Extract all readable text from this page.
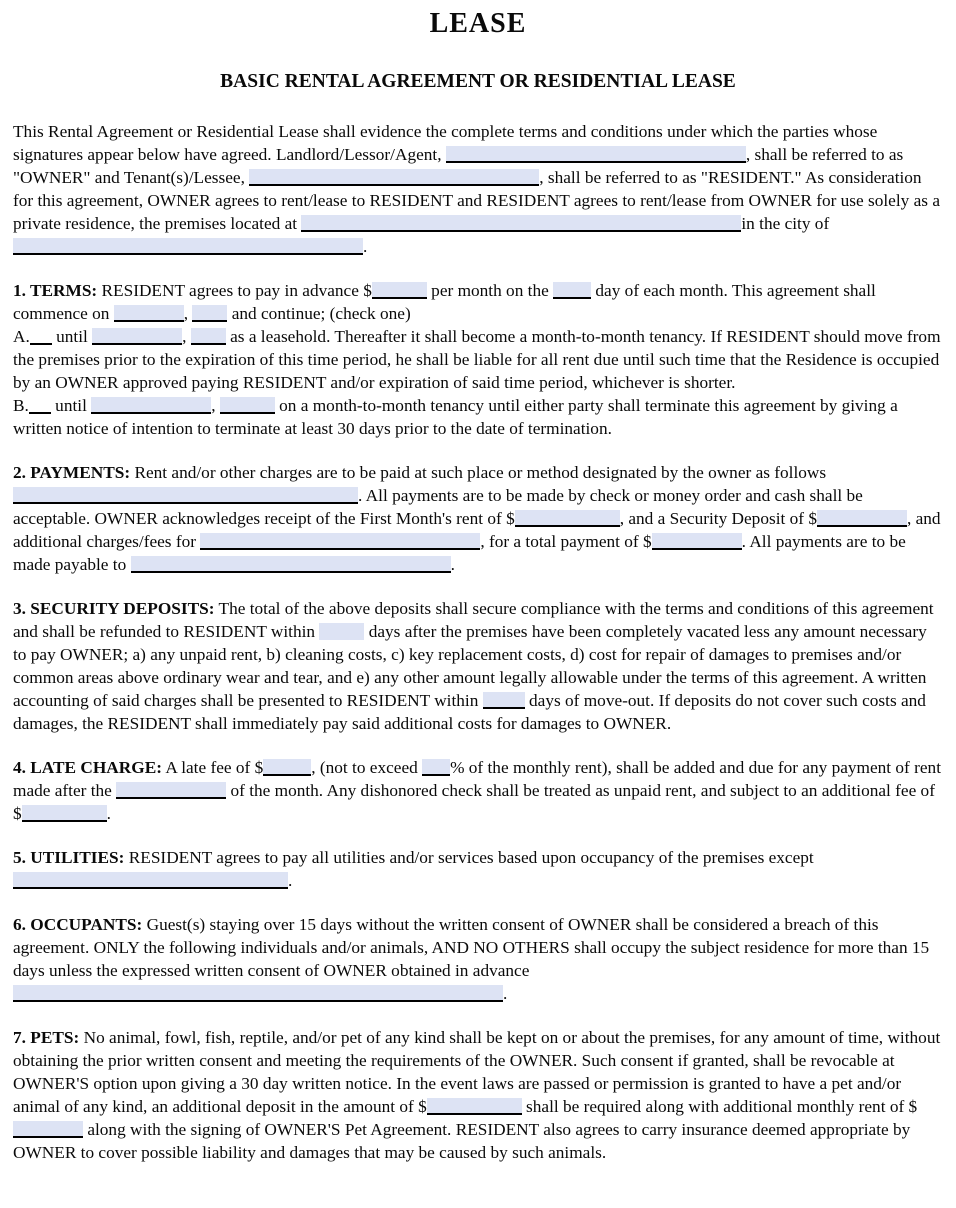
LEASE
BASIC RENTAL AGREEMENT OR RESIDENTIAL LEASE

This Rental Agreement or Residential Lease shall evidence the complete terms and conditions under which the parties whose signatures appear below have agreed. Landlord/Lessor/Agent,	, shall be referred to as "OWNER" and Tenant(s)/Lessee,	, shall be referred to as "RESIDENT." As consideration for this agreement, OWNER agrees to rent/lease to RESIDENT and RESIDENT agrees to rent/lease from OWNER for use solely as a private residence, the premises located at	in the city of .

1. TERMS: RESIDENT agrees to pay in advance $	per month on the  day of each month. This agreement shall commence on	,  and continue; (check one)
A. until	,  as a leasehold. Thereafter it shall become a month-to-month tenancy. If RESIDENT should move from the premises prior to the expiration of this time period, he shall be liable for all rent due until such time that the Residence is occupied by an OWNER approved paying RESIDENT and/or expiration of said time period, whichever is shorter.
B. until	,	on a month-to-month tenancy until either party shall terminate this agreement by giving a written notice of intention to terminate at least 30 days prior to the date of termination.

2. PAYMENTS: Rent and/or other charges are to be paid at such place or method designated by the owner as follows . All payments are to be made by check or money order and cash shall be acceptable. OWNER acknowledges receipt of the First Month's rent of $	, and a Security Deposit of $	, and additional charges/fees for	, for a total payment of $	. All payments are to be made payable to	.

3. SECURITY DEPOSITS: The total of the above deposits shall secure compliance with the terms and conditions of this agreement and shall be refunded to RESIDENT within	days after the premises have been completely vacated less any amount necessary to pay OWNER; a) any unpaid rent, b) cleaning costs, c) key replacement costs, d) cost for repair of damages to premises and/or common areas above ordinary wear and tear, and e) any other amount legally allowable under the terms of this agreement. A written accounting of said charges shall be presented to RESIDENT within  days of move-out. If deposits do not cover such costs and damages, the RESIDENT shall immediately pay said additional costs for damages to OWNER.

4. LATE CHARGE: A late fee of $	, (not to exceed % of the monthly rent), shall be added and due for any payment of rent made after the	of the month. Any dishonored check shall be treated as unpaid rent, and subject to an additional fee of $	.

5. UTILITIES: RESIDENT agrees to pay all utilities and/or services based upon occupancy of the premises except
.

6. OCCUPANTS: Guest(s) staying over 15 days without the written consent of OWNER shall be considered a breach of this agreement. ONLY the following individuals and/or animals, AND NO OTHERS shall occupy the subject residence for more than 15 days unless the expressed written consent of OWNER obtained in advance
.

7. PETS: No animal, fowl, fish, reptile, and/or pet of any kind shall be kept on or about the premises, for any amount of time, without obtaining the prior written consent and meeting the requirements of the OWNER. Such consent if granted, shall be revocable at OWNER'S option upon giving a 30 day written notice. In the event laws are passed or permission is granted to have a pet and/or animal of any kind, an additional deposit in the amount of $	shall be required along with additional monthly rent of $ along with the signing of OWNER'S Pet Agreement. RESIDENT also agrees to carry insurance deemed appropriate by OWNER to cover possible liability and damages that may be caused by such animals.
